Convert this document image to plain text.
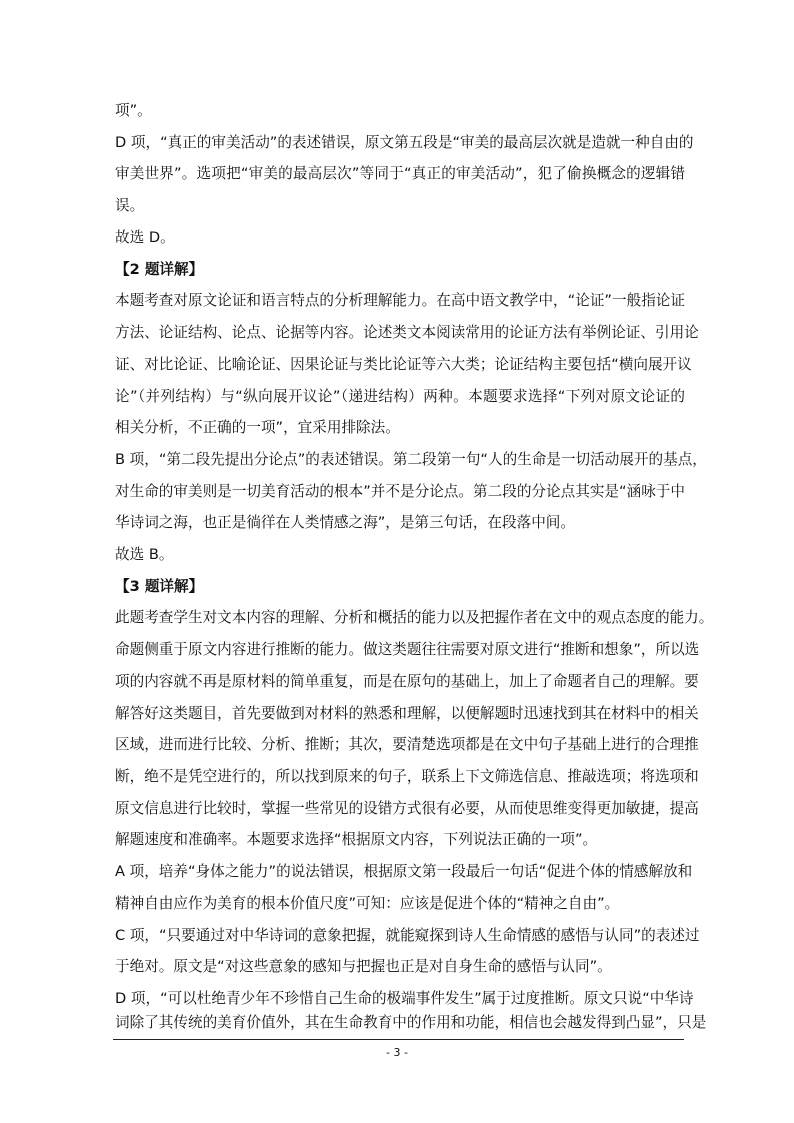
项”。
D 项，“真正的审美活动”的表述错误，原文第五段是“审美的最高层次就是造就一种自由的
审美世界”。选项把“审美的最高层次”等同于“真正的审美活动”，犯了偷换概念的逻辑错
误。
故选 D。
【2 题详解】
本题考查对原文论证和语言特点的分析理解能力。在高中语文教学中，“论证”一般指论证
方法、论证结构、论点、论据等内容。论述类文本阅读常用的论证方法有举例论证、引用论
证、对比论证、比喻论证、因果论证与类比论证等六大类；论证结构主要包括“横向展开议
论”（并列结构）与“纵向展开议论”（递进结构）两种。本题要求选择“下列对原文论证的
相关分析，不正确的一项”，宜采用排除法。
B 项，“第二段先提出分论点”的表述错误。第二段第一句“人的生命是一切活动展开的基点，
对生命的审美则是一切美育活动的根本”并不是分论点。第二段的分论点其实是“涵咏于中
华诗词之海，也正是徜徉在人类情感之海”，是第三句话，在段落中间。
故选 B。
【3 题详解】
此题考查学生对文本内容的理解、分析和概括的能力以及把握作者在文中的观点态度的能力。
命题侧重于原文内容进行推断的能力。做这类题往往需要对原文进行“推断和想象”，所以选
项的内容就不再是原材料的简单重复，而是在原句的基础上，加上了命题者自己的理解。要
解答好这类题目，首先要做到对材料的熟悉和理解，以便解题时迅速找到其在材料中的相关
区域，进而进行比较、分析、推断；其次，要清楚选项都是在文中句子基础上进行的合理推
断，绝不是凭空进行的，所以找到原来的句子，联系上下文筛选信息、推敲选项；将选项和
原文信息进行比较时，掌握一些常见的设错方式很有必要，从而使思维变得更加敏捷，提高
解题速度和准确率。本题要求选择“根据原文内容，下列说法正确的一项”。
A 项，培养“身体之能力”的说法错误，根据原文第一段最后一句话“促进个体的情感解放和
精神自由应作为美育的根本价值尺度”可知：应该是促进个体的“精神之自由”。
C 项，“只要通过对中华诗词的意象把握，就能窥探到诗人生命情感的感悟与认同”的表述过
于绝对。原文是“对这些意象的感知与把握也正是对自身生命的感悟与认同”。
D 项，“可以杜绝青少年不珍惜自己生命的极端事件发生”属于过度推断。原文只说“中华诗
词除了其传统的美育价值外，其在生命教育中的作用和功能，相信也会越发得到凸显”，只是
- 3 -
